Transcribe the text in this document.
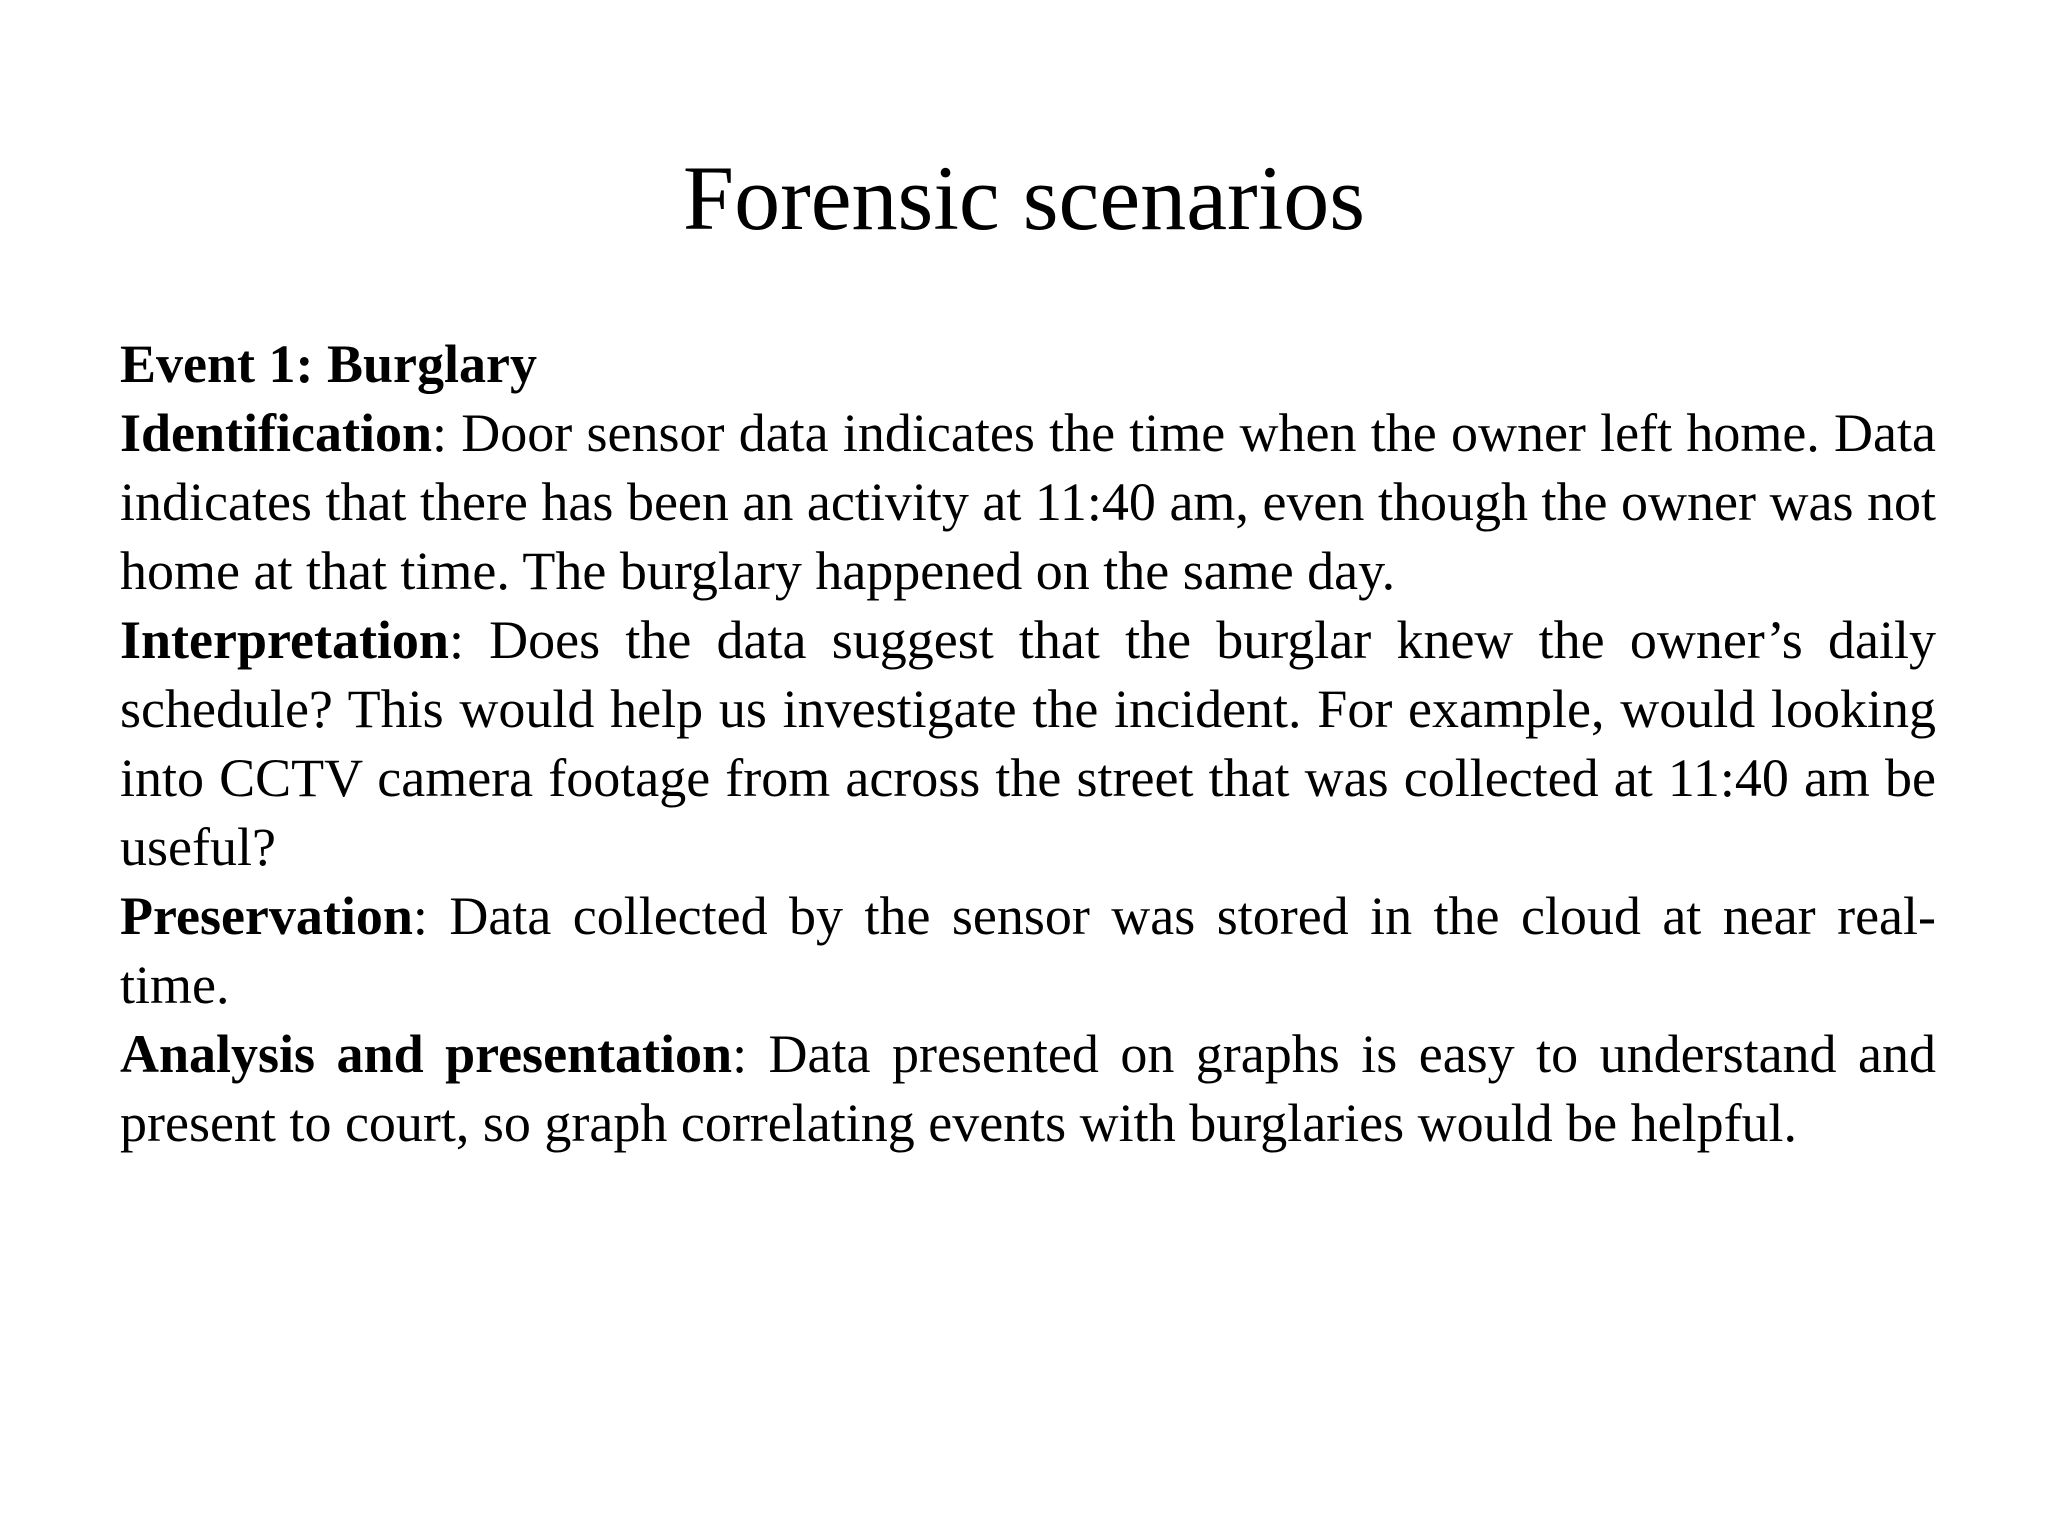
Forensic scenarios

Event 1: Burglary

Identification: Door sensor data indicates the time when the owner left home. Data indicates that there has been an activity at 11:40 am, even though the owner was not home at that time. The burglary happened on the same day.

Interpretation: Does the data suggest that the burglar knew the owner’s daily schedule? This would help us investigate the incident. For example, would looking into CCTV camera footage from across the street that was collected at 11:40 am be useful?

Preservation: Data collected by the sensor was stored in the cloud at near real-time.

Analysis and presentation: Data presented on graphs is easy to understand and present to court, so graph correlating events with burglaries would be helpful.
